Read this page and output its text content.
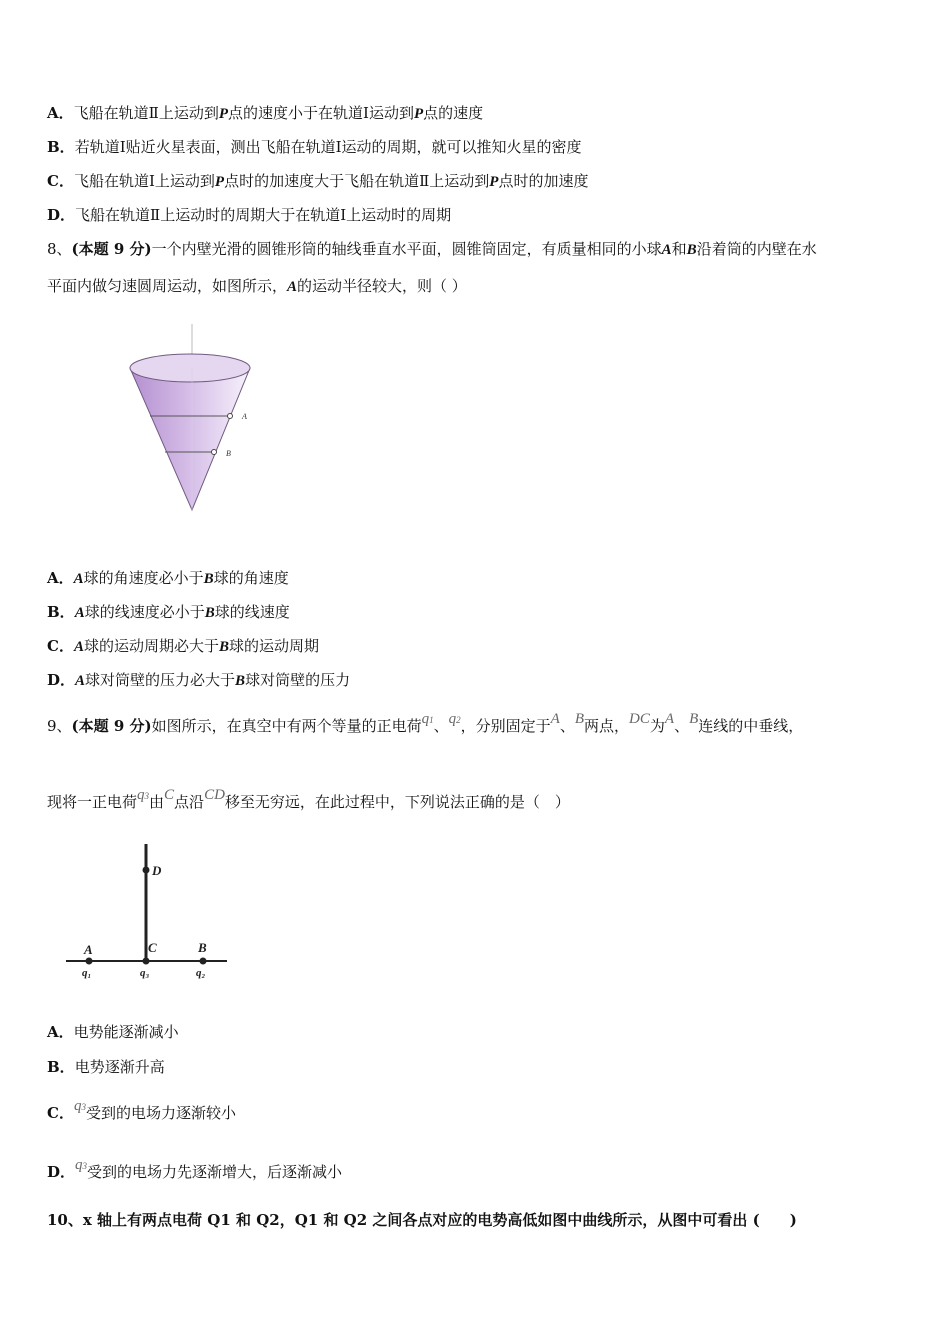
A．飞船在轨道Ⅱ上运动到P点的速度小于在轨道Ⅰ运动到P点的速度
B．若轨道Ⅰ贴近火星表面，测出飞船在轨道Ⅰ运动的周期，就可以推知火星的密度
C．飞船在轨道Ⅰ上运动到P点时的加速度大于飞船在轨道Ⅱ上运动到P点时的加速度
D．飞船在轨道Ⅱ上运动时的周期大于在轨道Ⅰ上运动时的周期
8、(本题 9 分)一个内壁光滑的圆锥形筒的轴线垂直水平面，圆锥筒固定，有质量相同的小球A和B沿着筒的内壁在水
平面内做匀速圆周运动，如图所示，A的运动半径较大，则（ ）
A
B
A．A球的角速度必小于B球的角速度
B．A球的线速度必小于B球的线速度
C．A球的运动周期必大于B球的运动周期
D．A球对筒壁的压力必大于B球对筒壁的压力
9、(本题 9 分)如图所示，在真空中有两个等量的正电荷q1、q2，分别固定于A、B两点，DC为A、B连线的中垂线，
现将一正电荷q3由C点沿CD移至无穷远，在此过程中，下列说法正确的是（　）
D
A	C	B
q₁	q₃	q₂
A．电势能逐渐减小
B．电势逐渐升高
C．q3受到的电场力逐渐较小
D．q3受到的电场力先逐渐增大，后逐渐减小
10、x 轴上有两点电荷 Q1 和 Q2，Q1 和 Q2 之间各点对应的电势高低如图中曲线所示，从图中可看出 (　　)
